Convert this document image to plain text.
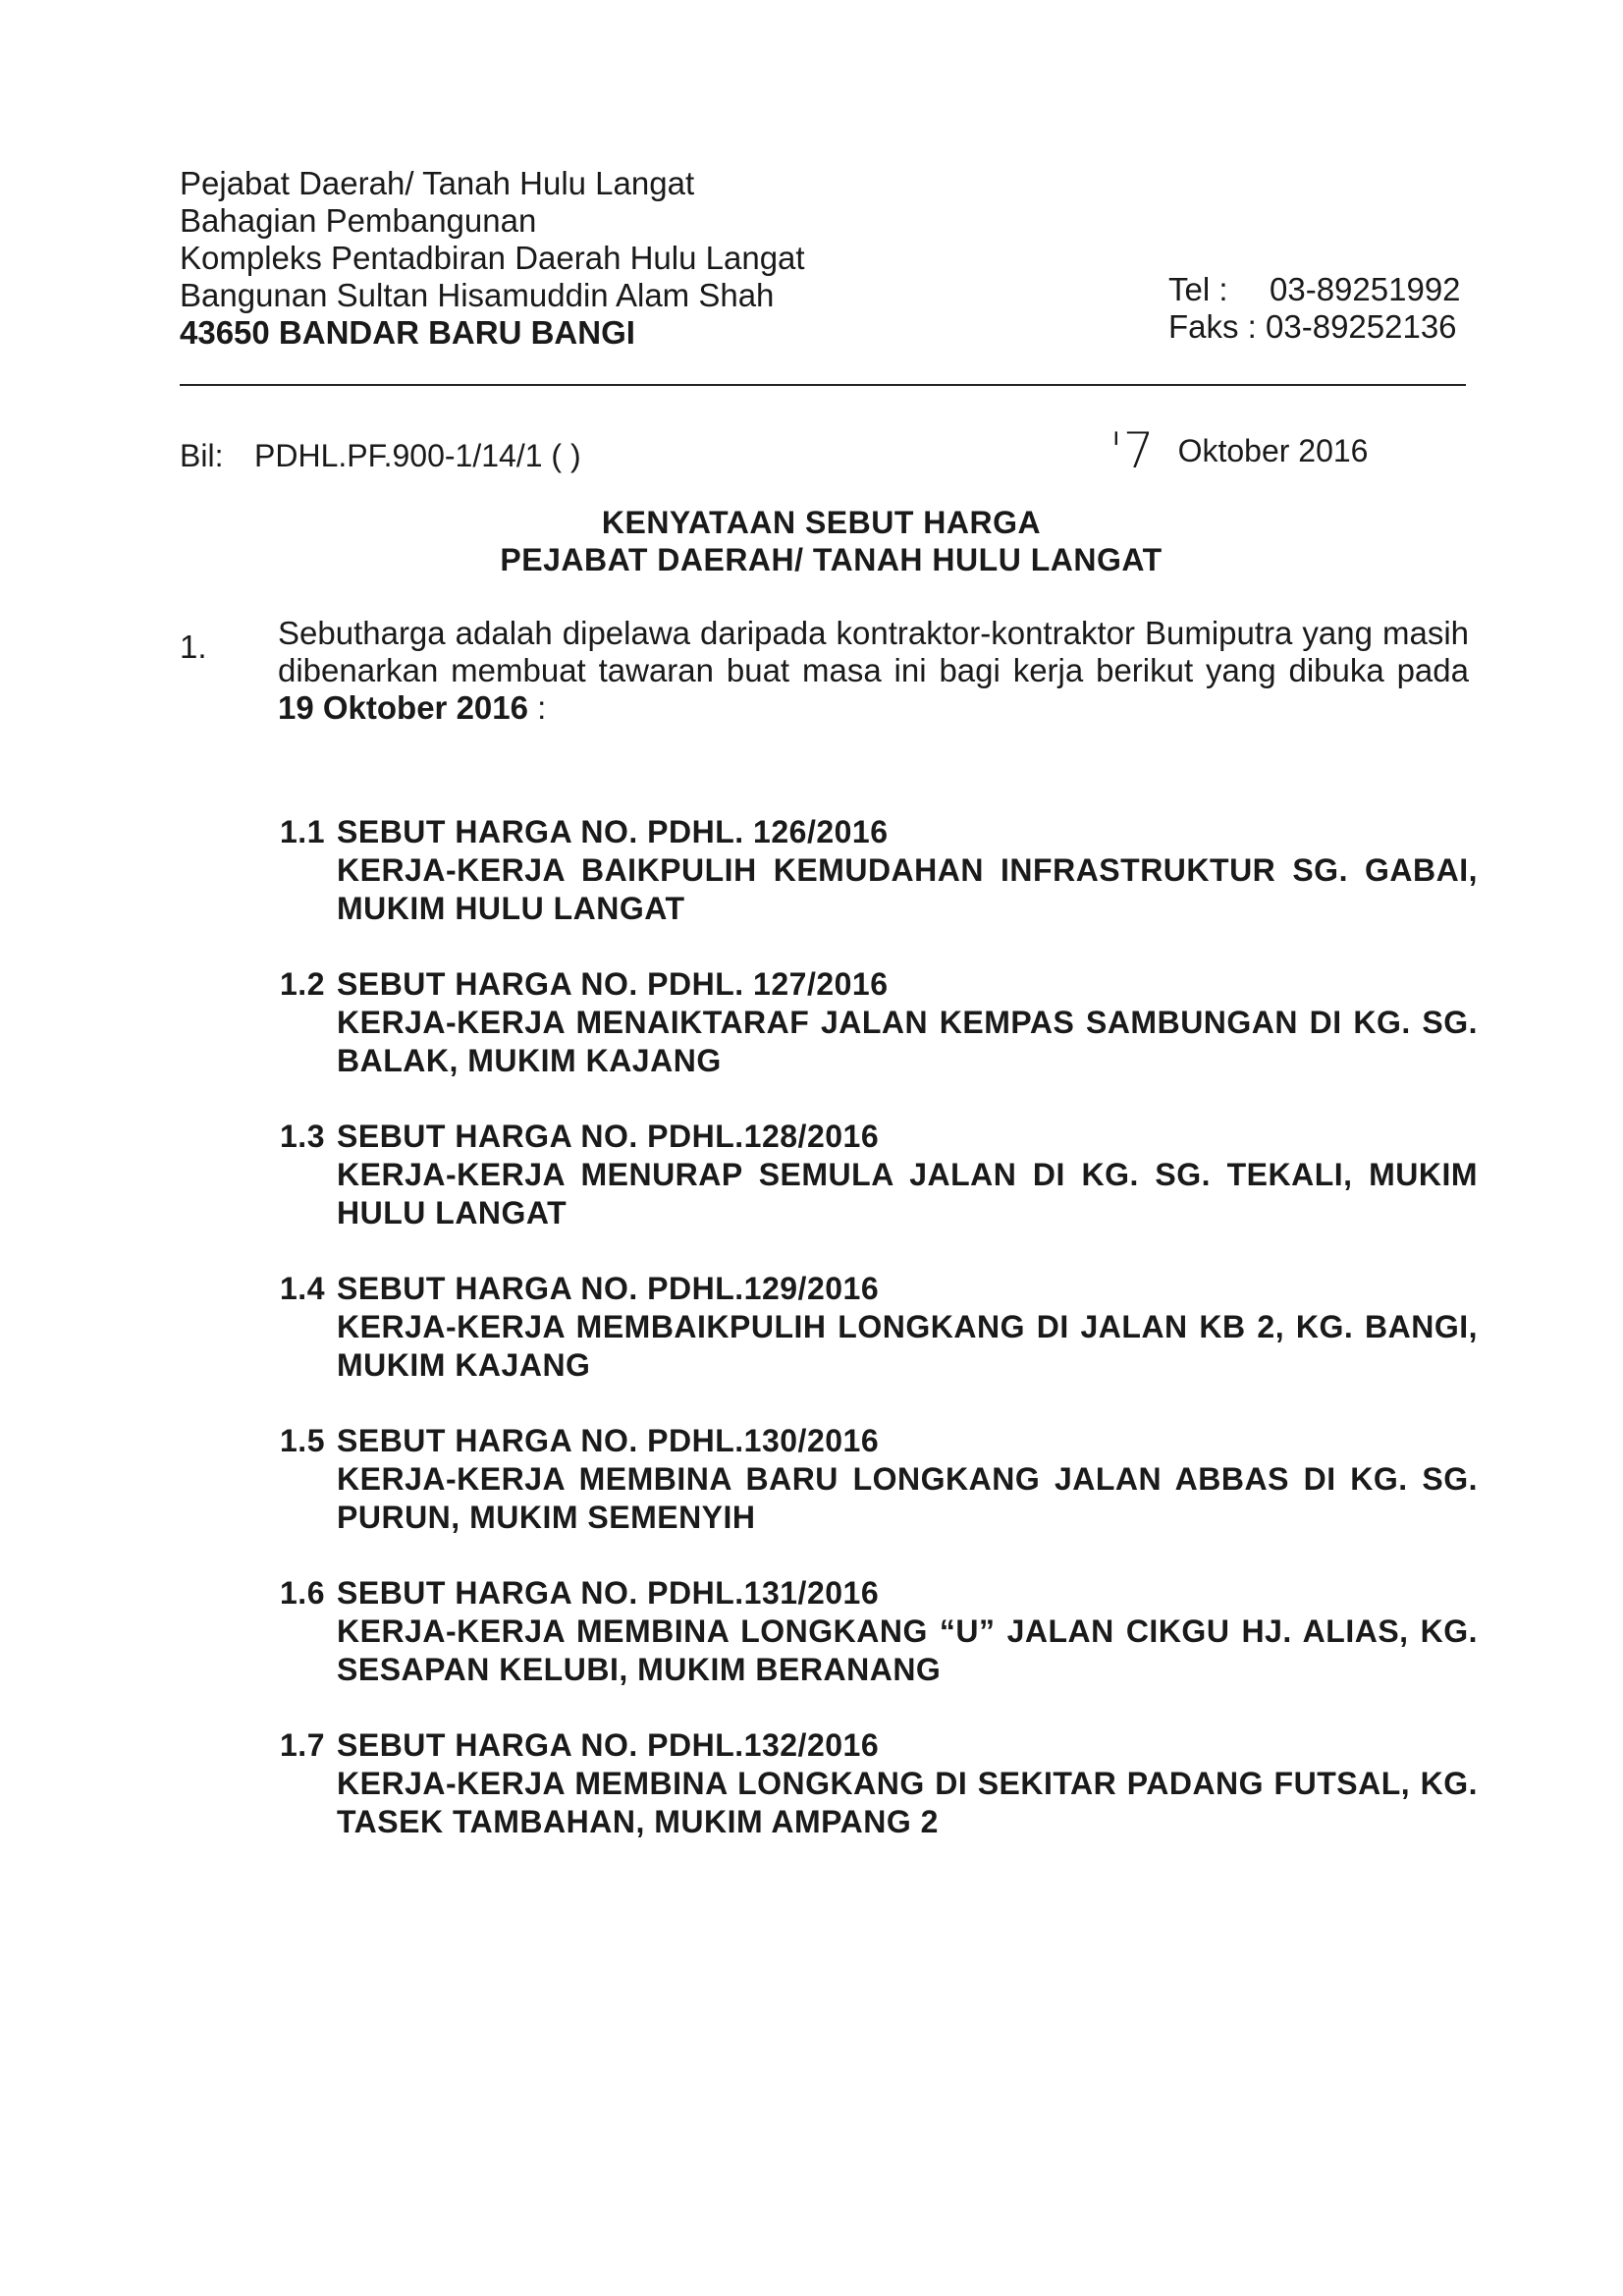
Pejabat Daerah/ Tanah Hulu Langat
Bahagian Pembangunan
Kompleks Pentadbiran Daerah Hulu Langat
Bangunan Sultan Hisamuddin Alam Shah
43650 BANDAR BARU BANGI
Tel : 03-89251992
Faks : 03-89252136
Bil: PDHL.PF.900-1/14/1 ( )	'7 Oktober 2016
KENYATAAN SEBUT HARGA
PEJABAT DAERAH/ TANAH HULU LANGAT
1. Sebutharga adalah dipelawa daripada kontraktor-kontraktor Bumiputra yang masih dibenarkan membuat tawaran buat masa ini bagi kerja berikut yang dibuka pada 19 Oktober 2016 :
1.1 SEBUT HARGA NO. PDHL. 126/2016
KERJA-KERJA BAIKPULIH KEMUDAHAN INFRASTRUKTUR SG. GABAI, MUKIM HULU LANGAT
1.2 SEBUT HARGA NO. PDHL. 127/2016
KERJA-KERJA MENAIKTARAF JALAN KEMPAS SAMBUNGAN DI KG. SG. BALAK, MUKIM KAJANG
1.3 SEBUT HARGA NO. PDHL.128/2016
KERJA-KERJA MENURAP SEMULA JALAN DI KG. SG. TEKALI, MUKIM HULU LANGAT
1.4 SEBUT HARGA NO. PDHL.129/2016
KERJA-KERJA MEMBAIKPULIH LONGKANG DI JALAN KB 2, KG. BANGI, MUKIM KAJANG
1.5 SEBUT HARGA NO. PDHL.130/2016
KERJA-KERJA MEMBINA BARU LONGKANG JALAN ABBAS DI KG. SG. PURUN, MUKIM SEMENYIH
1.6 SEBUT HARGA NO. PDHL.131/2016
KERJA-KERJA MEMBINA LONGKANG “U” JALAN CIKGU HJ. ALIAS, KG. SESAPAN KELUBI, MUKIM BERANANG
1.7 SEBUT HARGA NO. PDHL.132/2016
KERJA-KERJA MEMBINA LONGKANG DI SEKITAR PADANG FUTSAL, KG. TASEK TAMBAHAN, MUKIM AMPANG 2
